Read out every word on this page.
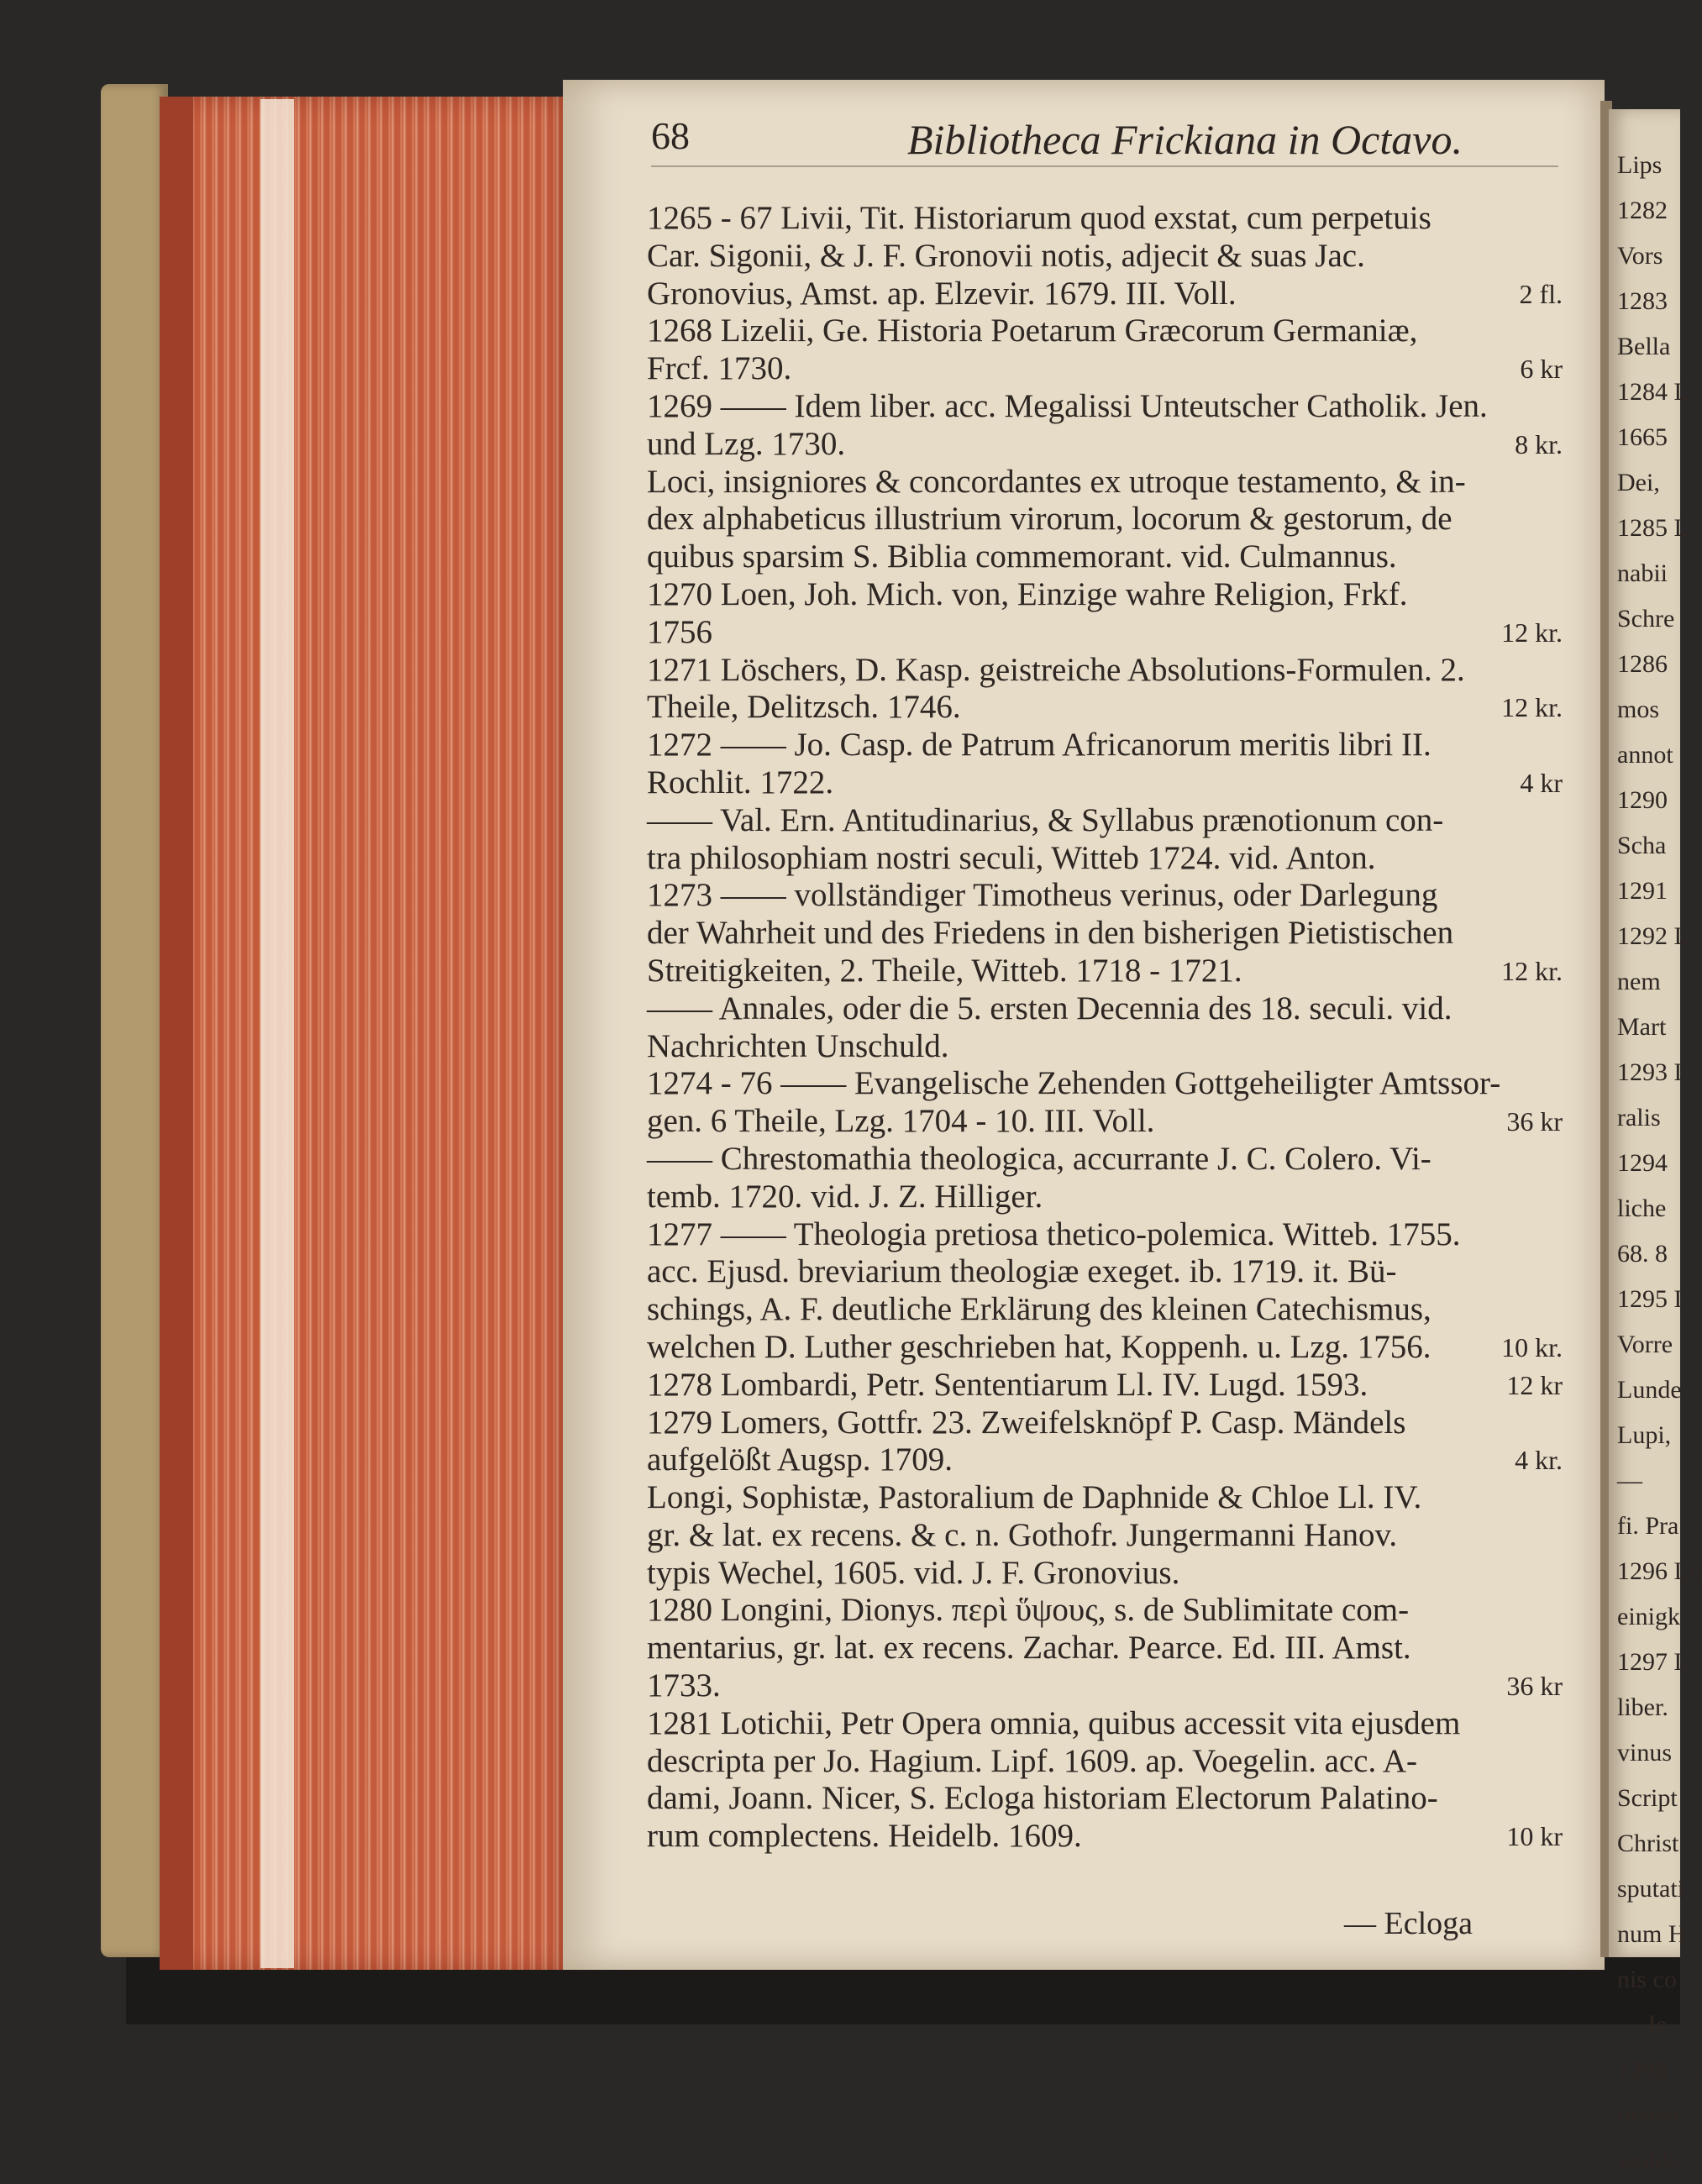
Lips
1282
Vors
1283
Bella
1284 L
1665
Dei,
1285 L
nabii
Schre
1286
mos
annot
1290
Scha
1291
1292 L
nem
Mart
1293 L
ralis
1294
liche
68. 8
1295 L
Vorre
Lunde
Lupi,
—
fi. Pra
1296 Lu
einigk
1297 L
liber.
vinus
Script
Christ
sputati
num H
nis co
— le
1298 —
lichen
wolde.
68	Bibliotheca Frickiana in Octavo.
1265 - 67 Livii, Tit. Historiarum quod exstat, cum perpetuis
Car. Sigonii, & J. F. Gronovii notis, adjecit & suas Jac.
Gronovius, Amst. ap. Elzevir. 1679. III. Voll.	2 fl.
1268 Lizelii, Ge. Historia Poetarum Græcorum Germaniæ,
Frcf. 1730.	6 kr
1269 —— Idem liber. acc. Megalissi Unteutscher Catholik. Jen.
und Lzg. 1730.	8 kr.
Loci, insigniores & concordantes ex utroque testamento, & in-
dex alphabeticus illustrium virorum, locorum & gestorum, de
quibus sparsim S. Biblia commemorant. vid. Culmannus.
1270 Loen, Joh. Mich. von, Einzige wahre Religion, Frkf.
1756	12 kr.
1271 Löschers, D. Kasp. geistreiche Absolutions-Formulen. 2.
Theile, Delitzsch. 1746.	12 kr.
1272 —— Jo. Casp. de Patrum Africanorum meritis libri II.
Rochlit. 1722.	4 kr
—— Val. Ern. Antitudinarius, & Syllabus prænotionum con-
tra philosophiam nostri seculi, Witteb 1724. vid. Anton.
1273 —— vollständiger Timotheus verinus, oder Darlegung
der Wahrheit und des Friedens in den bisherigen Pietistischen
Streitigkeiten, 2. Theile, Witteb. 1718 - 1721.	12 kr.
—— Annales, oder die 5. ersten Decennia des 18. seculi. vid.
Nachrichten Unschuld.
1274 - 76 —— Evangelische Zehenden Gottgeheiligter Amtssor-
gen. 6 Theile, Lzg. 1704 - 10. III. Voll.	36 kr
—— Chrestomathia theologica, accurrante J. C. Colero. Vi-
temb. 1720. vid. J. Z. Hilliger.
1277 —— Theologia pretiosa thetico-polemica. Witteb. 1755.
acc. Ejusd. breviarium theologiæ exeget. ib. 1719. it. Bü-
schings, A. F. deutliche Erklärung des kleinen Catechismus,
welchen D. Luther geschrieben hat, Koppenh. u. Lzg. 1756.	10 kr.
1278 Lombardi, Petr. Sententiarum Ll. IV. Lugd. 1593.	12 kr
1279 Lomers, Gottfr. 23. Zweifelsknöpf P. Casp. Mändels
aufgelößt Augsp. 1709.	4 kr.
Longi, Sophistæ, Pastoralium de Daphnide & Chloe Ll. IV.
gr. & lat. ex recens. & c. n. Gothofr. Jungermanni Hanov.
typis Wechel, 1605. vid. J. F. Gronovius.
1280 Longini, Dionys. περὶ ὕψους, s. de Sublimitate com-
mentarius, gr. lat. ex recens. Zachar. Pearce. Ed. III. Amst.
1733.	36 kr
1281 Lotichii, Petr Opera omnia, quibus accessit vita ejusdem
descripta per Jo. Hagium. Lipf. 1609. ap. Voegelin. acc. A-
dami, Joann. Nicer, S. Ecloga historiam Electorum Palatino-
rum complectens. Heidelb. 1609.	10 kr
— Ecloga
